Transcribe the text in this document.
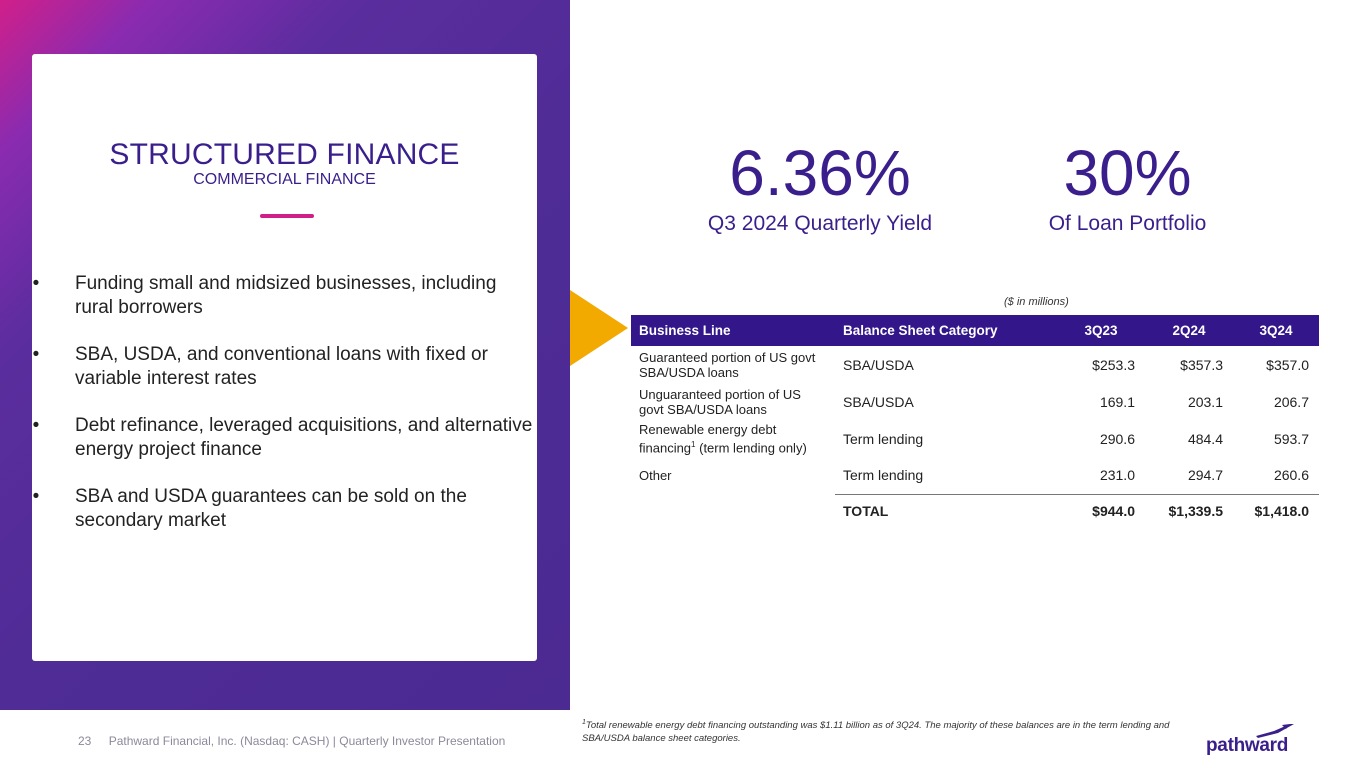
STRUCTURED FINANCE
COMMERCIAL FINANCE
•	Funding small and midsized businesses, including rural borrowers
•	SBA, USDA, and conventional loans with fixed or variable interest rates
•	Debt refinance, leveraged acquisitions, and alternative energy project finance
•	SBA and USDA guarantees can be sold on the secondary market
6.36%
Q3 2024 Quarterly Yield
30%
Of Loan Portfolio
($ in millions)
Business Line	Balance Sheet Category	3Q23	2Q24	3Q24
Guaranteed portion of US govt SBA/USDA loans	SBA/USDA	$253.3	$357.3	$357.0
Unguaranteed portion of US govt SBA/USDA loans	SBA/USDA	169.1	203.1	206.7
Renewable energy debt financing$^1$ (term lending only)	Term lending	290.6	484.4	593.7
Other	Term lending	231.0	294.7	260.6
	TOTAL	$944.0	$1,339.5	$1,418.0
$^1$Total renewable energy debt financing outstanding was $1.11 billion as of 3Q24. The majority of these balances are in the term lending and SBA/USDA balance sheet categories.
23 Pathward Financial, Inc. (Nasdaq: CASH) | Quarterly Investor Presentation	pathward
